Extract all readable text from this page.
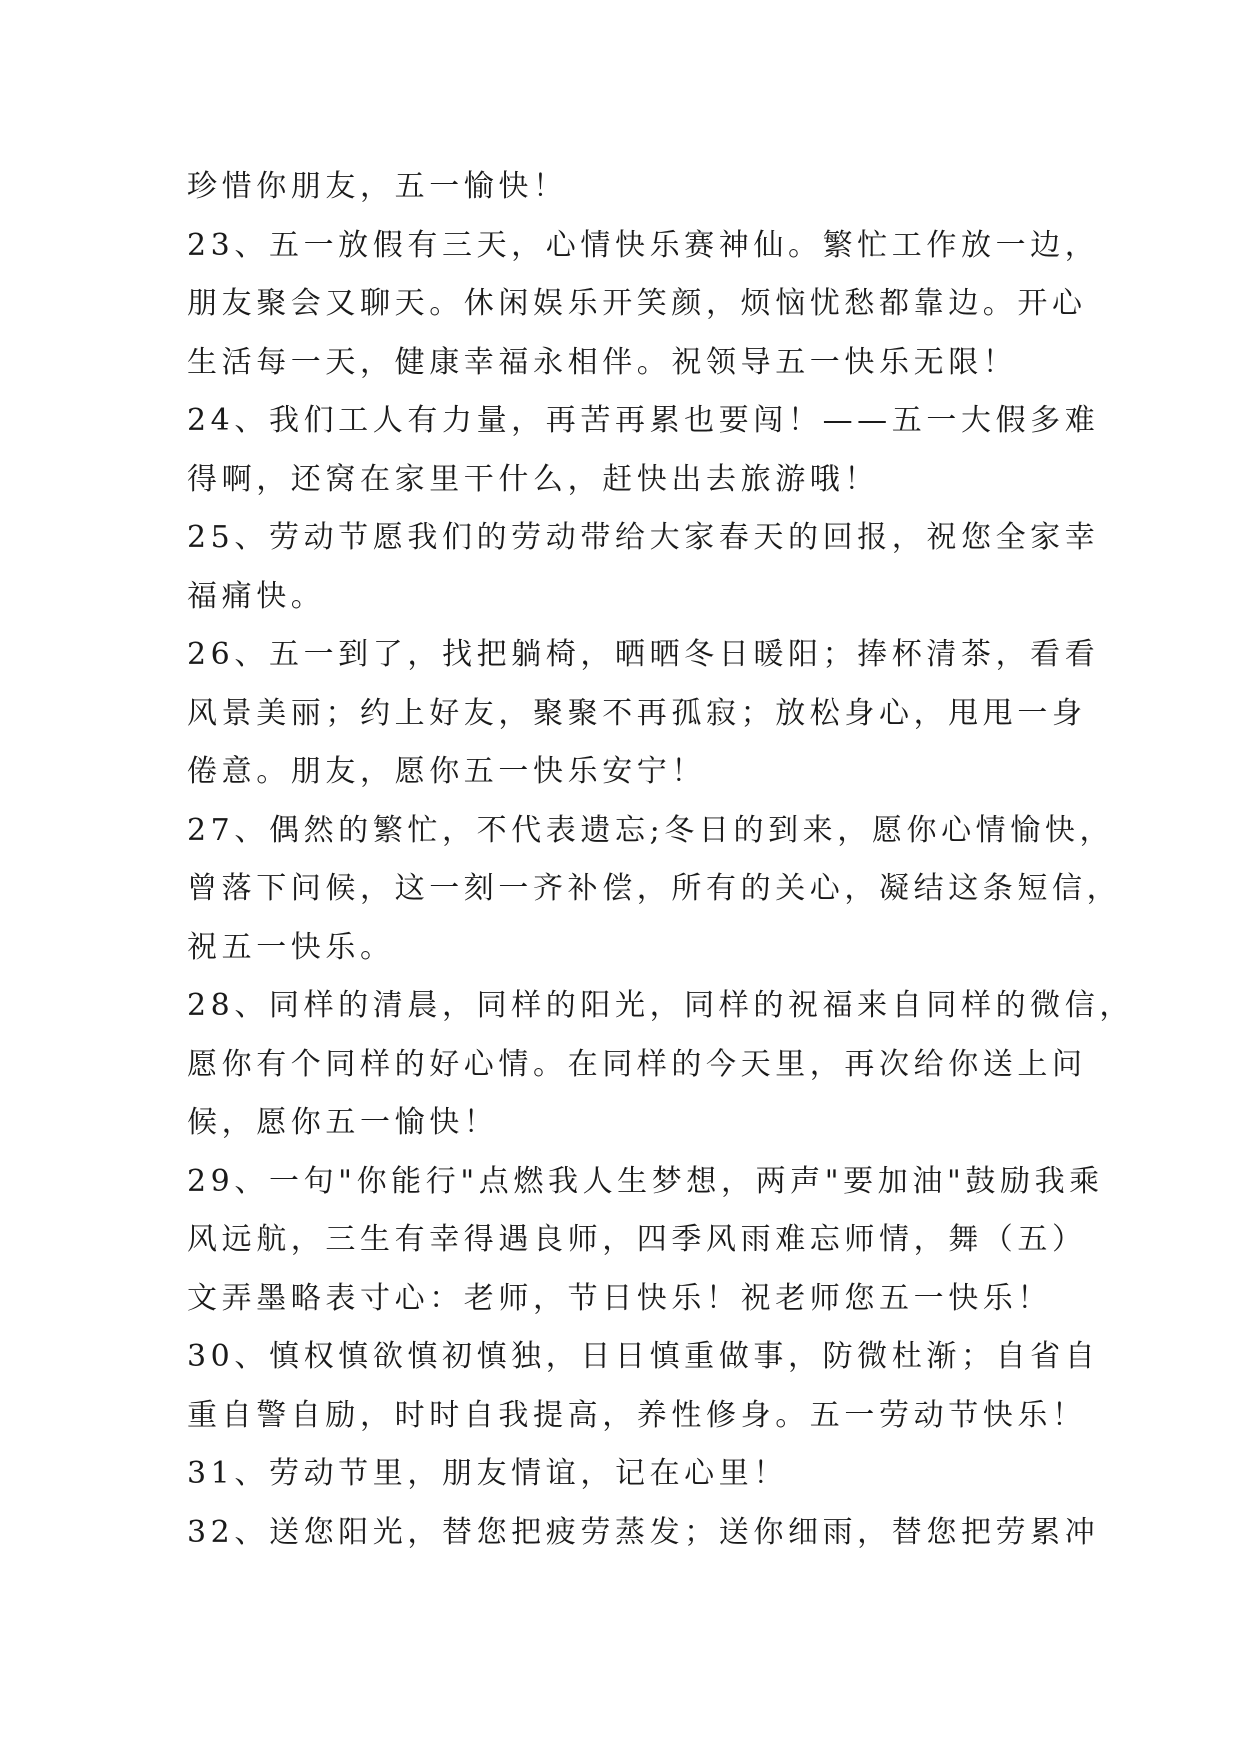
珍惜你朋友，五一愉快！
23、五一放假有三天，心情快乐赛神仙。繁忙工作放一边，
朋友聚会又聊天。休闲娱乐开笑颜，烦恼忧愁都靠边。开心
生活每一天，健康幸福永相伴。祝领导五一快乐无限！
24、我们工人有力量，再苦再累也要闯！——五一大假多难
得啊，还窝在家里干什么，赶快出去旅游哦！
25、劳动节愿我们的劳动带给大家春天的回报，祝您全家幸
福痛快。
26、五一到了，找把躺椅，晒晒冬日暖阳；捧杯清茶，看看
风景美丽；约上好友，聚聚不再孤寂；放松身心，甩甩一身
倦意。朋友，愿你五一快乐安宁！
27、偶然的繁忙，不代表遗忘;冬日的到来，愿你心情愉快，
曾落下问候，这一刻一齐补偿，所有的关心，凝结这条短信，
祝五一快乐。
28、同样的清晨，同样的阳光，同样的祝福来自同样的微信，
愿你有个同样的好心情。在同样的今天里，再次给你送上问
候，愿你五一愉快！
29、一句"你能行"点燃我人生梦想，两声"要加油"鼓励我乘
风远航，三生有幸得遇良师，四季风雨难忘师情，舞（五）
文弄墨略表寸心：老师，节日快乐！祝老师您五一快乐！
30、慎权慎欲慎初慎独，日日慎重做事，防微杜渐；自省自
重自警自励，时时自我提高，养性修身。五一劳动节快乐！
31、劳动节里，朋友情谊，记在心里！
32、送您阳光，替您把疲劳蒸发；送你细雨，替您把劳累冲
